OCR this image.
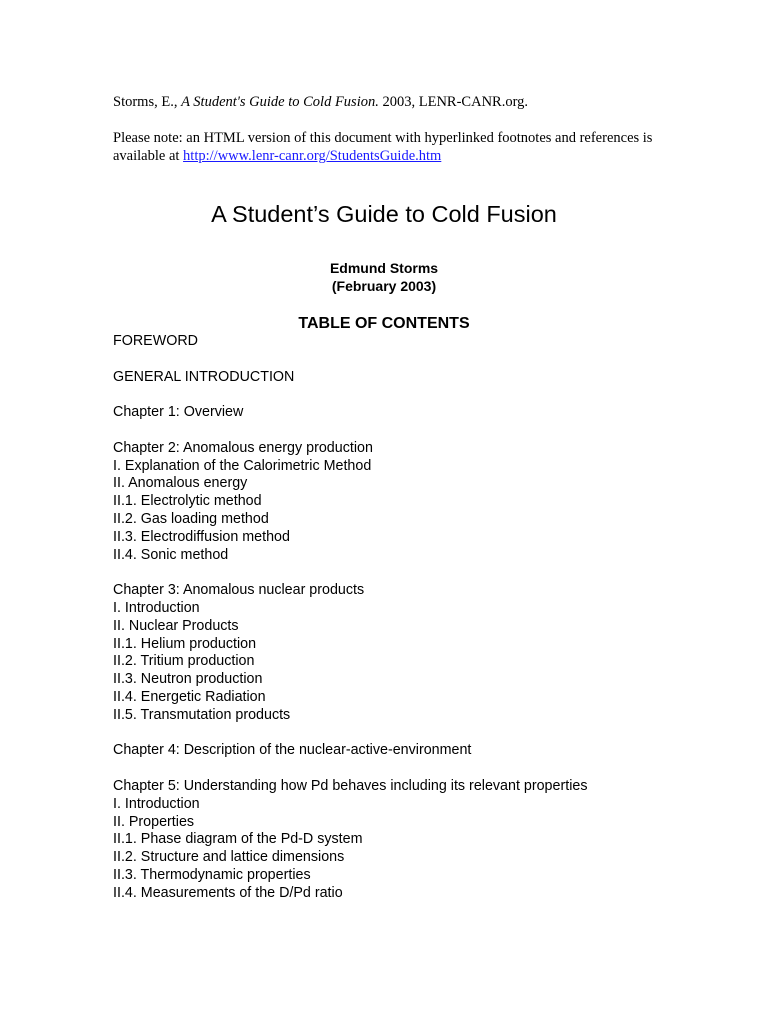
Storms, E., A Student's Guide to Cold Fusion. 2003, LENR-CANR.org.
Please note: an HTML version of this document with hyperlinked footnotes and references is available at http://www.lenr-canr.org/StudentsGuide.htm
A Student’s Guide to Cold Fusion
Edmund Storms
(February 2003)
TABLE OF CONTENTS
FOREWORD
GENERAL INTRODUCTION
Chapter 1: Overview
Chapter 2: Anomalous energy production
I. Explanation of the Calorimetric Method
II. Anomalous energy
II.1. Electrolytic method
II.2. Gas loading method
II.3. Electrodiffusion method
II.4. Sonic method
Chapter 3: Anomalous nuclear products
I. Introduction
II. Nuclear Products
II.1. Helium production
II.2. Tritium production
II.3. Neutron production
II.4. Energetic Radiation
II.5. Transmutation products
Chapter 4: Description of the nuclear-active-environment
Chapter 5: Understanding how Pd behaves including its relevant properties
I. Introduction
II. Properties
II.1. Phase diagram of the Pd-D system
II.2. Structure and lattice dimensions
II.3. Thermodynamic properties
II.4. Measurements of the D/Pd ratio
